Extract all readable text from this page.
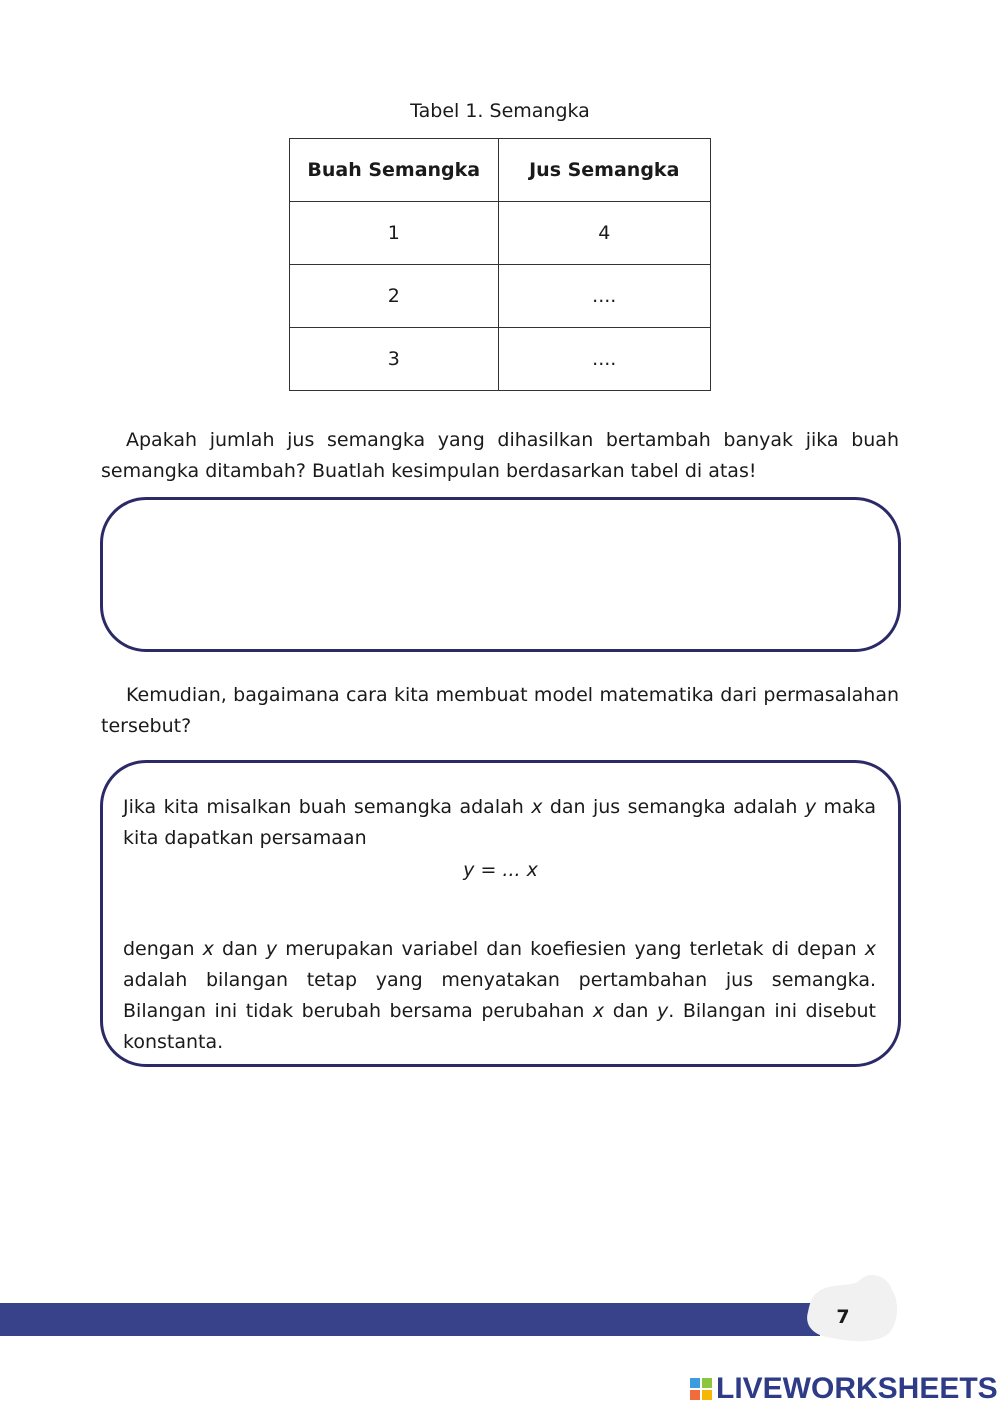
Tabel 1. Semangka
Buah Semangka	Jus Semangka
1	4
2	....
3	....

Apakah jumlah jus semangka yang dihasilkan bertambah banyak jika buah semangka ditambah? Buatlah kesimpulan berdasarkan tabel di atas!

Kemudian, bagaimana cara kita membuat model matematika dari permasalahan tersebut?

Jika kita misalkan buah semangka adalah x dan jus semangka adalah y maka kita dapatkan persamaan

y = ... x

dengan x dan y merupakan variabel dan koefiesien yang terletak di depan x adalah bilangan tetap yang menyatakan pertambahan jus semangka. Bilangan ini tidak berubah bersama perubahan x dan y. Bilangan ini disebut konstanta.

7
LIVEWORKSHEETS
